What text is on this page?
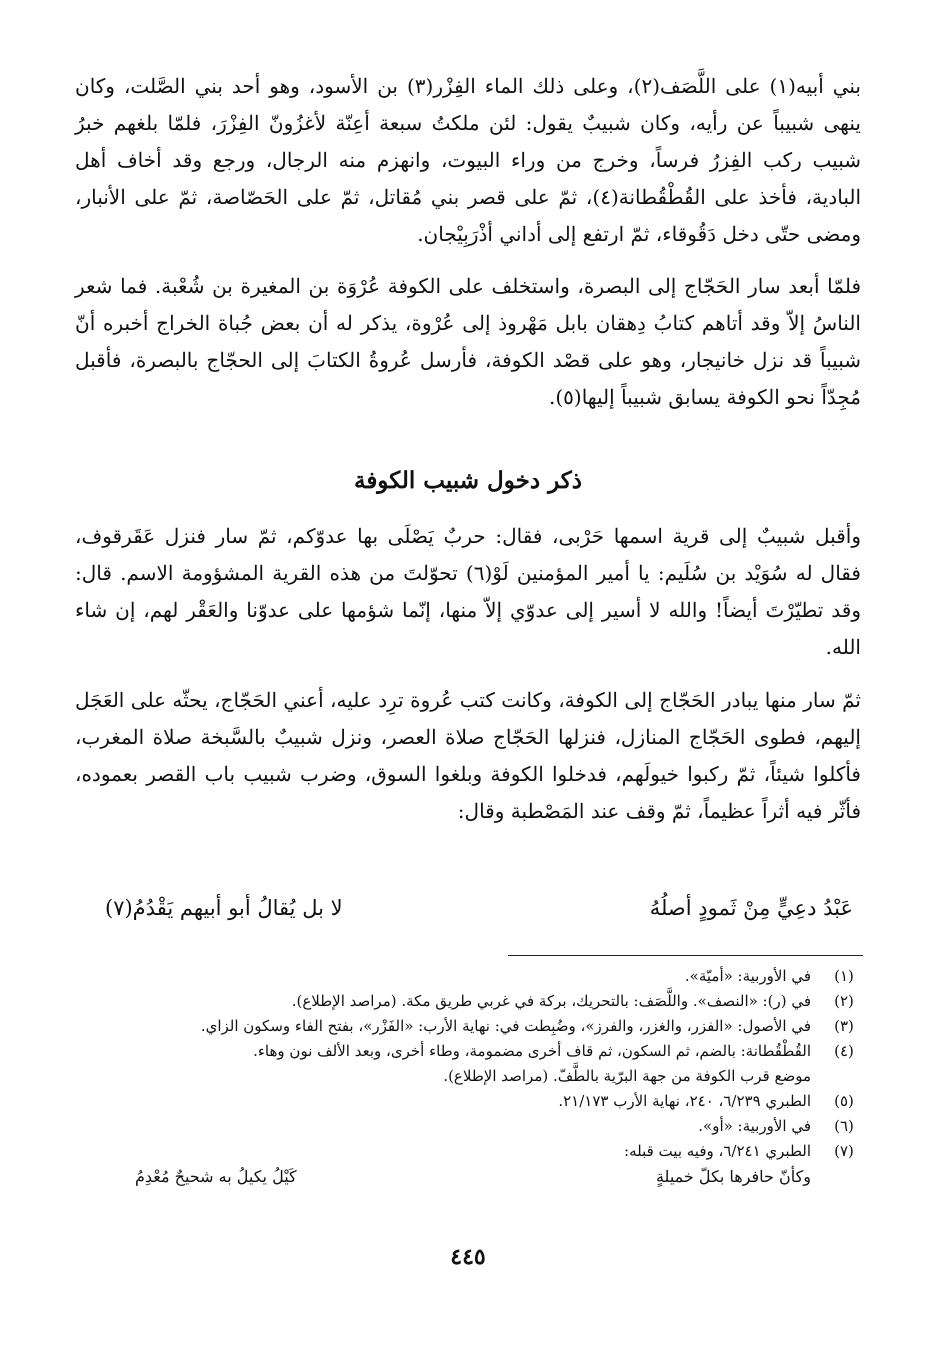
بني أبيه(١) على اللَّصَف(٢)، وعلى ذلك الماء الفِزْر(٣) بن الأسود، وهو أحد بني الصَّلت، وكان ينهى شبيباً عن رأيه، وكان شبيبٌ يقول: لئن ملكتُ سبعة أعِنّة لأغزُونّ الفِزْرَ، فلمّا بلغهم خبرُ شبيب ركب الفِزرُ فرساً، وخرج من وراء البيوت، وانهزم منه الرجال، ورجع وقد أخاف أهل البادية، فأخذ على القُطْقُطانة(٤)، ثمّ على قصر بني مُقاتل، ثمّ على الحَصّاصة، ثمّ على الأنبار، ومضى حتّى دخل دَقُوقاء، ثمّ ارتفع إلى أداني أذْرَبِيْجان.

فلمّا أبعد سار الحَجّاج إلى البصرة، واستخلف على الكوفة عُرْوَة بن المغيرة بن شُعْبة. فما شعر الناسُ إلاّ وقد أتاهم كتابُ دِهقان بابل مَهْروذ إلى عُرْوة، يذكر له أن بعض جُباة الخراج أخبره أنّ شبيباً قد نزل خانيجار، وهو على قصْد الكوفة، فأرسل عُروةُ الكتابَ إلى الحجّاج بالبصرة، فأقبل مُجِدّاً نحو الكوفة يسابق شبيباً إليها(٥).

ذكر دخول شبيب الكوفة

وأقبل شبيبٌ إلى قرية اسمها حَرْبى، فقال: حربٌ يَصْلَى بها عدوّكم، ثمّ سار فنزل عَقَرقوف، فقال له سُوَيْد بن سُلَيم: يا أمير المؤمنين لَوْ(٦) تحوّلتَ من هذه القرية المشؤومة الاسم. قال: وقد تطيّرْتَ أيضاً! والله لا أسير إلى عدوّي إلاّ منها، إنّما شؤمها على عدوّنا والعَقْر لهم، إن شاء الله.

ثمّ سار منها يبادر الحَجّاج إلى الكوفة، وكانت كتب عُروة ترِد عليه، أعني الحَجّاج، يحثّه على العَجَل إليهم، فطوى الحَجّاج المنازل، فنزلها الحَجّاج صلاة العصر، ونزل شبيبٌ بالسَّبخة صلاة المغرب، فأكلوا شيئاً، ثمّ ركبوا خيولَهم، فدخلوا الكوفة وبلغوا السوق، وضرب شبيب باب القصر بعموده، فأثّر فيه أثراً عظيماً، ثمّ وقف عند المَصْطبة وقال:

عَبْدُ دعِيٍّ مِنْ ثَمودٍ أصلُهُ
لا بل يُقالُ أبو أبيهم يَقْدُمُ(٧)
(١)
في الأوربية: «أميّة».
(٢)
في (ر): «النصف». واللَّصَف: بالتحريك، بركة في غربي طريق مكة. (مراصد الإطلاع).
(٣)
في الأصول: «الفزر، والغزر، والفرز»، وضُبِطت في: نهاية الأرب: «الفَزْر»، بفتح الفاء وسكون الزاي.
(٤)
القُطْقُطانة: بالضم، ثم السكون، ثم قاف أخرى مضمومة، وطاء أخرى، وبعد الألف نون وهاء.
موضع قرب الكوفة من جهة البرّية بالطَّفّ. (مراصد الإطلاع).
(٥)
الطبري ٦/٢٣٩، ٢٤٠، نهاية الأرب ٢١/١٧٣.
(٦)
في الأوربية: «أو».
(٧)
الطبري ٦/٢٤١، وفيه بيت قبله:
وكأنّ حافرها بكلّ خميلةٍ
كَيْلُ يكيلُ به شحيحٌ مُعْدِمُ
٤٤٥
